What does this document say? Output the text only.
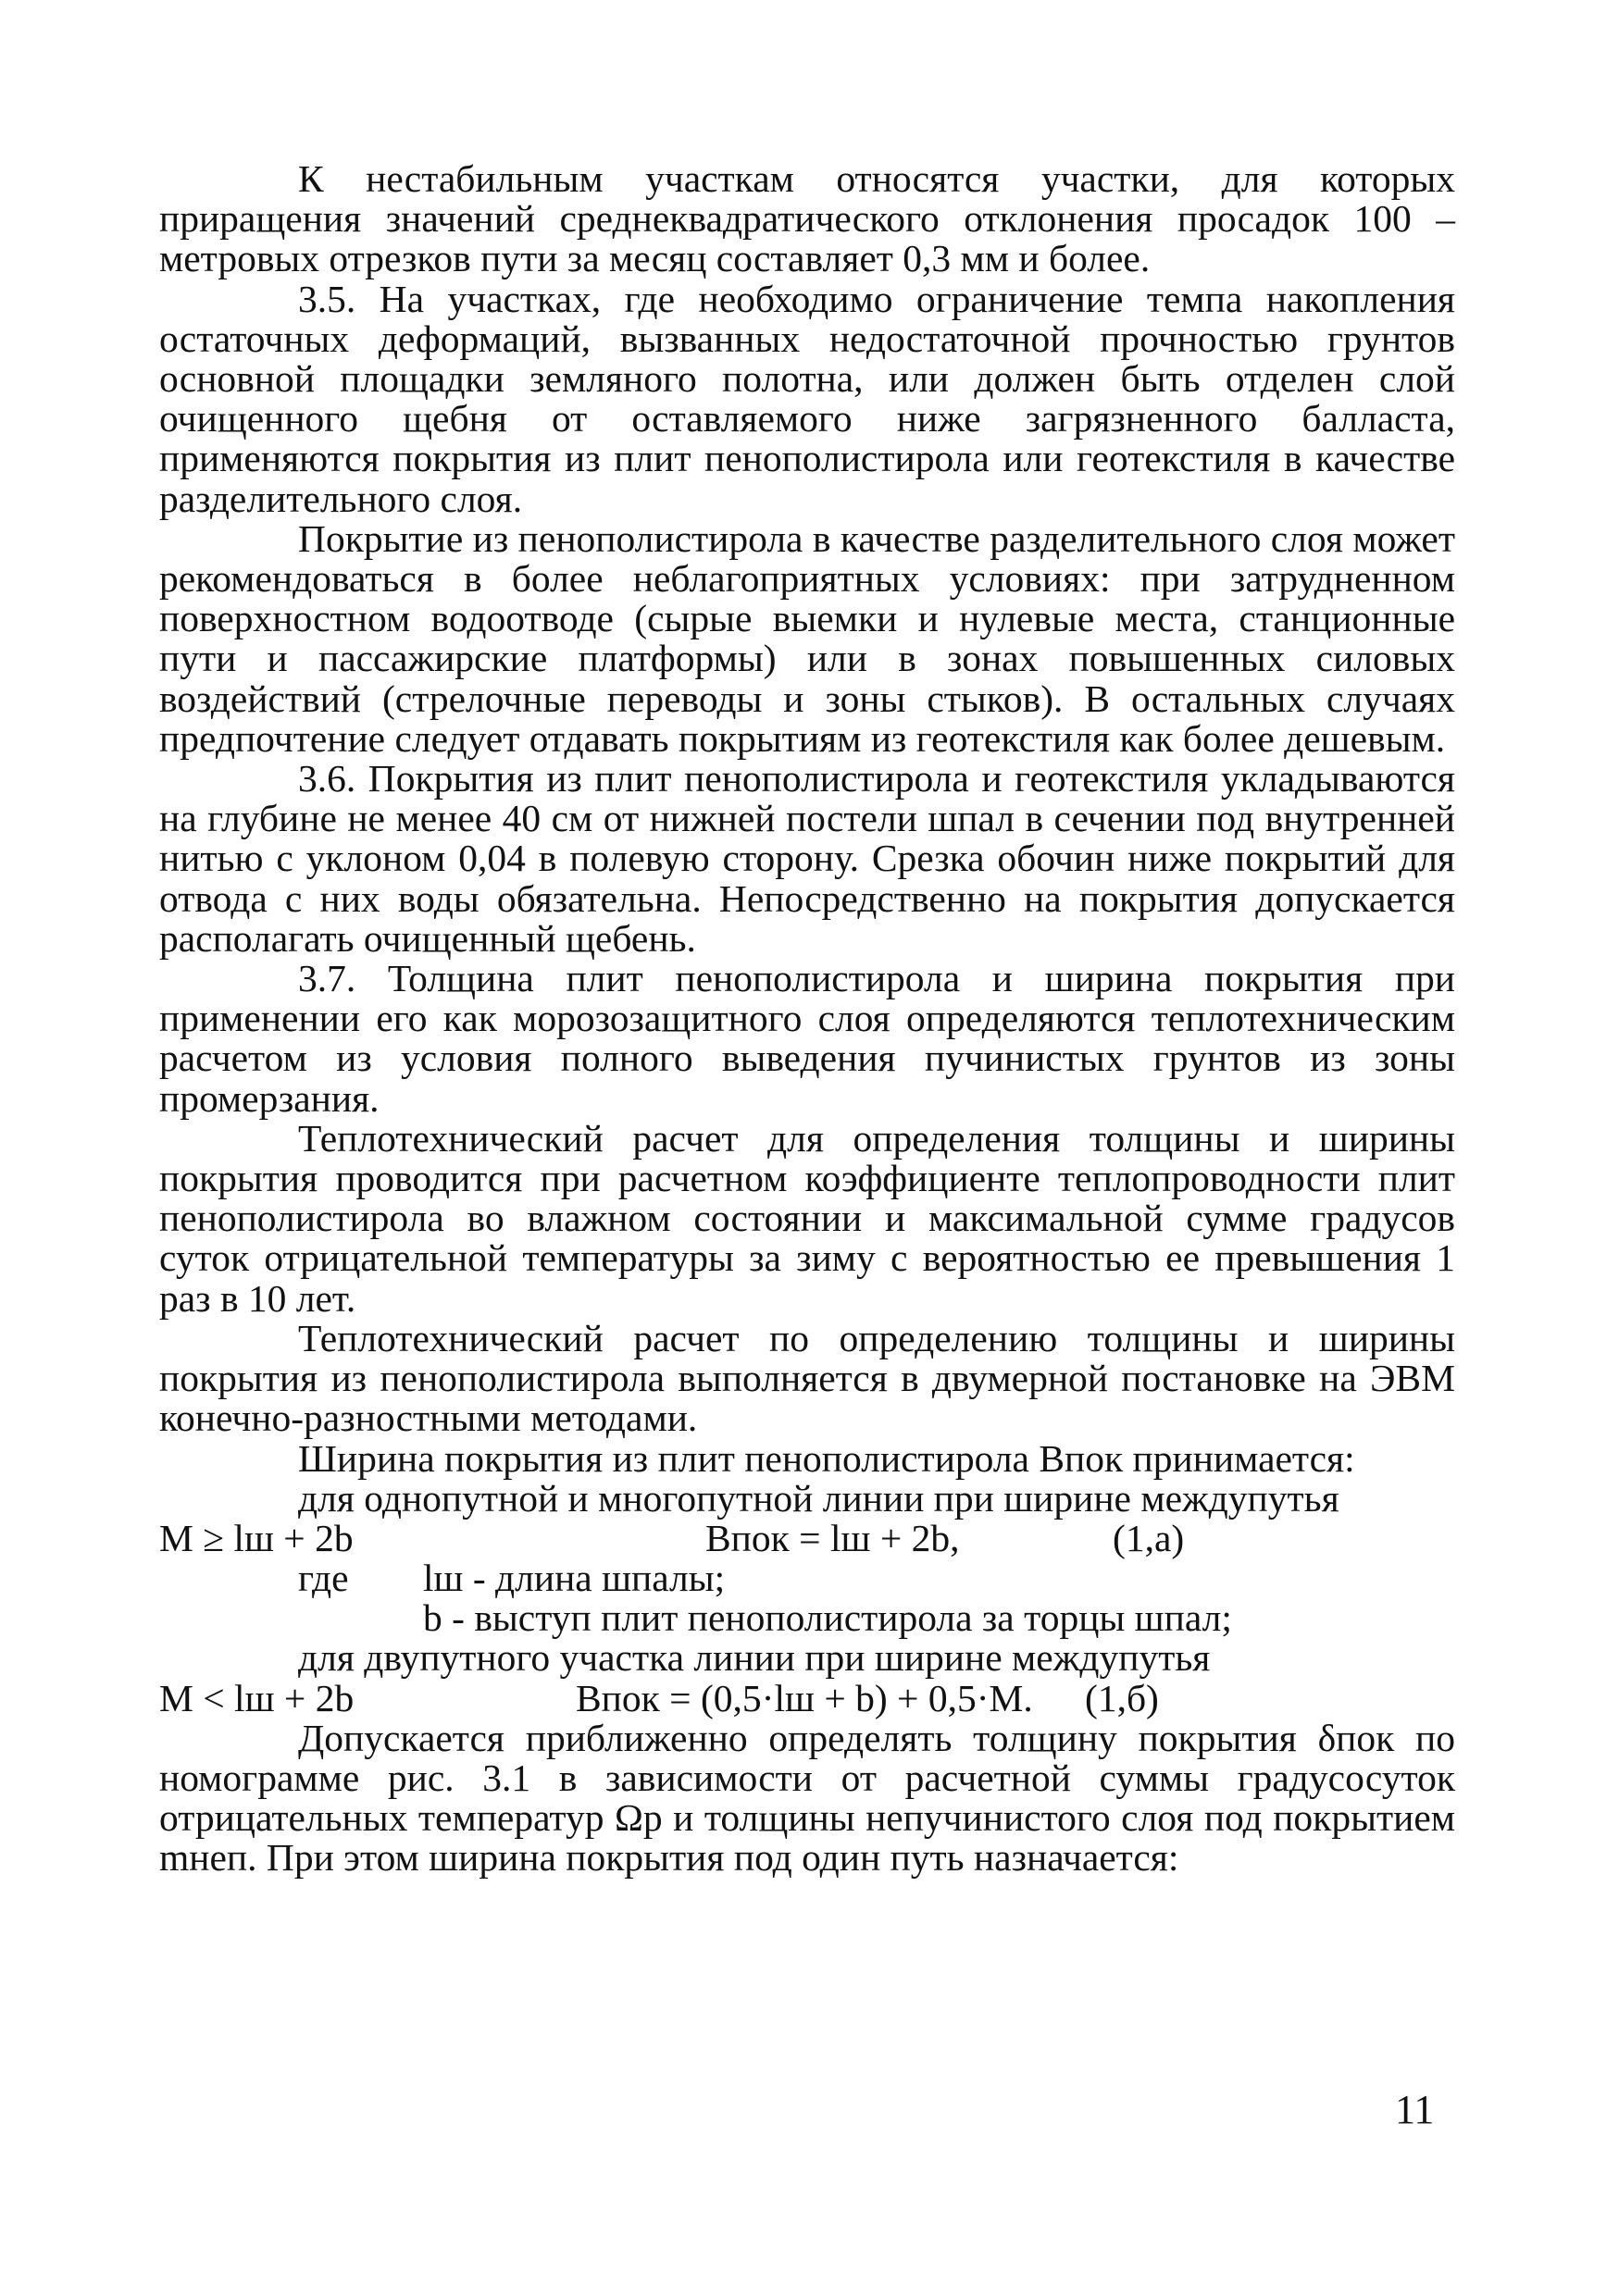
К нестабильным участкам относятся участки, для которых приращения значений среднеквадратического отклонения просадок 100 – метровых отрезков пути за месяц составляет 0,3 мм и более.

3.5. На участках, где необходимо ограничение темпа накопления остаточных деформаций, вызванных недостаточной прочностью грунтов основной площадки земляного полотна, или должен быть отделен слой очищенного щебня от оставляемого ниже загрязненного балласта, применяются покрытия из плит пенополистирола или геотекстиля в качестве разделительного слоя.

Покрытие из пенополистирола в качестве разделительного слоя может рекомендоваться в более неблагоприятных условиях: при затрудненном поверхностном водоотводе (сырые выемки и нулевые места, станционные пути и пассажирские платформы) или в зонах повышенных силовых воздействий (стрелочные переводы и зоны стыков). В остальных случаях предпочтение следует отдавать покрытиям из геотекстиля как более дешевым.

3.6. Покрытия из плит пенополистирола и геотекстиля укладываются на глубине не менее 40 см от нижней постели шпал в сечении под внутренней нитью с уклоном 0,04 в полевую сторону. Срезка обочин ниже покрытий для отвода с них воды обязательна. Непосредственно на покрытия допускается располагать очищенный щебень.

3.7. Толщина плит пенополистирола и ширина покрытия при применении его как морозозащитного слоя определяются теплотехническим расчетом из условия полного выведения пучинистых грунтов из зоны промерзания.

Теплотехнический расчет для определения толщины и ширины покрытия проводится при расчетном коэффициенте теплопроводности плит пенополистирола во влажном состоянии и максимальной сумме градусов суток отрицательной температуры за зиму с вероятностью ее превышения 1 раз в 10 лет.

Теплотехнический расчет по определению толщины и ширины покрытия из пенополистирола выполняется в двумерной постановке на ЭВМ конечно-разностными методами.

Ширина покрытия из плит пенополистирола Впок принимается:

для однопутной и многопутной линии при ширине междупутья

М ≥ lш + 2b	Впок = lш + 2b,	(1,а)
где lш - длина шпалы;
b - выступ плит пенополистирола за торцы шпал;

для двупутного участка линии при ширине междупутья

М < lш + 2b	Впок = (0,5·lш + b) + 0,5·М. (1,б)

Допускается приближенно определять толщину покрытия δпок по номограмме рис. 3.1 в зависимости от расчетной суммы градусосуток отрицательных температур Ωр и толщины непучинистого слоя под покрытием mнеп. При этом ширина покрытия под один путь назначается:

11
